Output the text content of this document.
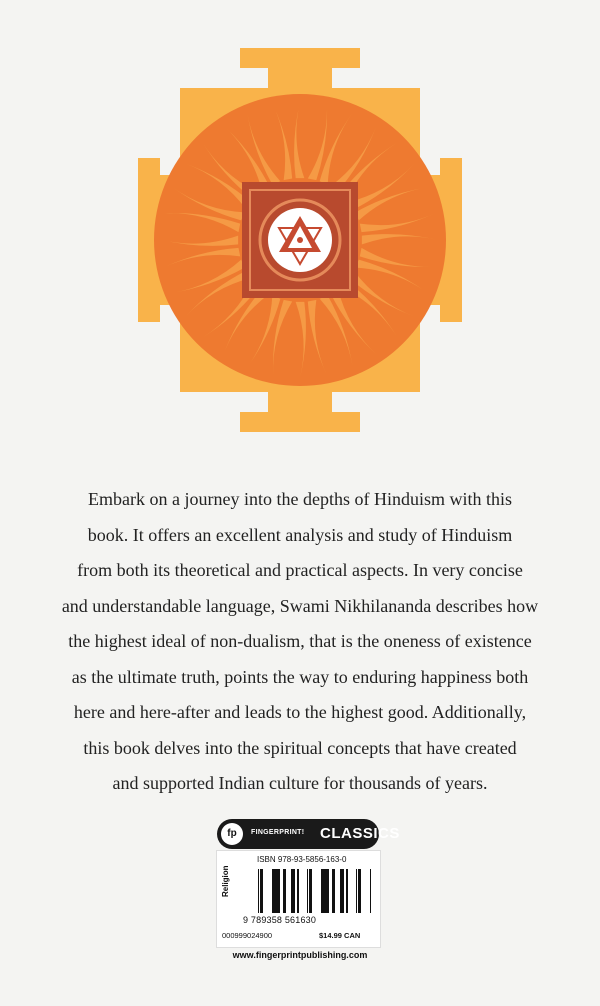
Embark on a journey into the depths of Hinduism with this
book. It offers an excellent analysis and study of Hinduism
from both its theoretical and practical aspects. In very concise
and understandable language, Swami Nikhilananda describes how
the highest ideal of non-dualism, that is the oneness of existence
as the ultimate truth, points the way to enduring happiness both
here and here-after and leads to the highest good. Additionally,
this book delves into the spiritual concepts that have created
and supported Indian culture for thousands of years.
fp	FINGERPRINT! CLASSICS
ISBN 978-93-5856-163-0
Religion
9 789358 561630
000999024900	$14.99 CAN
www.fingerprintpublishing.com
